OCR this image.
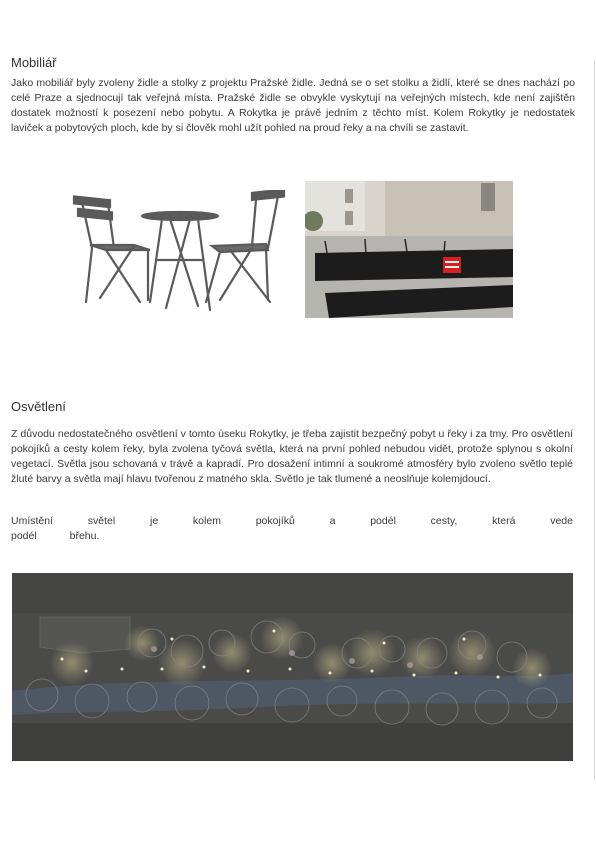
Mobiliář

Jako mobiliář byly zvoleny židle a stolky z projektu Pražské židle. Jedná se o set stolku a židlí, které se dnes nachází po celé Praze a sjednocují tak veřejná místa. Pražské židle se obvykle vyskytují na veřejných místech, kde není zajištěn dostatek možností k posezení nebo pobytu. A Rokytka je právě jedním z těchto míst. Kolem Rokytky je nedostatek laviček a pobytových ploch, kde by si člověk mohl užít pohled na proud řeky a na chvíli se zastavit.

Osvětlení

Z důvodu nedostatečného osvětlení v tomto úseku Rokytky, je třeba zajistit bezpečný pobyt u řeky i za tmy. Pro osvětlení pokojíků a cesty kolem řeky, byla zvolena tyčová světla, která na první pohled nebudou vidět, protože splynou s okolní vegetací. Světla jsou schovaná v trávě a kapradí. Pro dosažení intimní a soukromé atmosféry bylo zvoleno světlo teplé žluté barvy a světla mají hlavu tvořenou z matného skla. Světlo je tak tlumené a neoslňuje kolemjdoucí.

Umístění světel je kolem pokojíků a podél cesty, která vede podél břehu.
